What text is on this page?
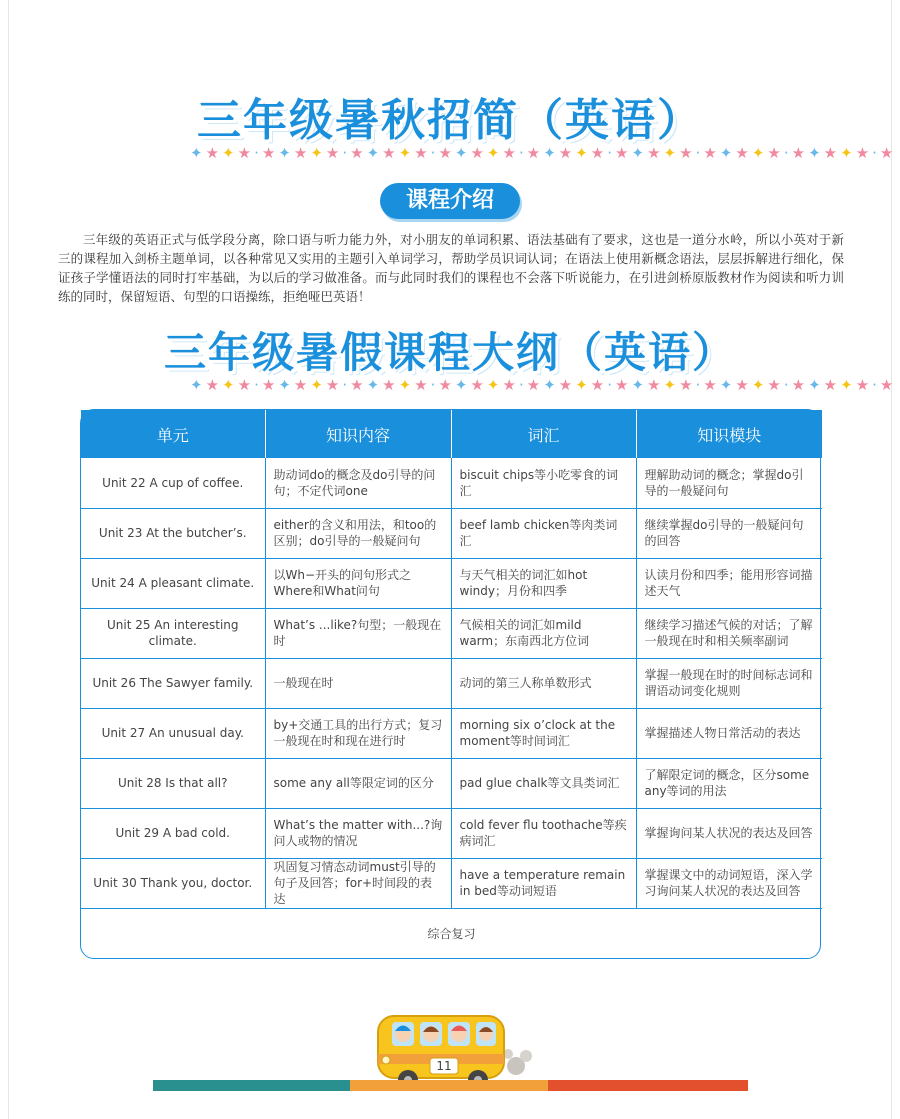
三年级暑秋招简（英语）
✦★✦★·★✦★✦★·★✦★✦★·★✦★✦★·★✦★✦★·★✦★✦★·★✦★✦★·★✦★✦★·★
课程介绍

三年级的英语正式与低学段分离，除口语与听力能力外，对小朋友的单词积累、语法基础有了要求，这也是一道分水岭，所以小英对于新三的课程加入剑桥主题单词，以各种常见又实用的主题引入单词学习，帮助学员识词认词；在语法上使用新概念语法，层层拆解进行细化，保证孩子学懂语法的同时打牢基础，为以后的学习做准备。而与此同时我们的课程也不会落下听说能力，在引进剑桥原版教材作为阅读和听力训练的同时，保留短语、句型的口语操练，拒绝哑巴英语！

三年级暑假课程大纲（英语）
✦★✦★·★✦★✦★·★✦★✦★·★✦★✦★·★✦★✦★·★✦★✦★·★✦★✦★·★✦★✦★·★
单元	知识内容	词汇	知识模块
Unit 22 A cup of coffee.	助动词do的概念及do引导的问句；不定代词one	biscuit chips等小吃零食的词汇	理解助动词的概念；掌握do引导的一般疑问句
Unit 23 At the butcher’s.	either的含义和用法，和too的区别；do引导的一般疑问句	beef lamb chicken等肉类词汇	继续掌握do引导的一般疑问句的回答
Unit 24 A pleasant climate.	以Wh−开头的问句形式之Where和What问句	与天气相关的词汇如hot windy；月份和四季	认读月份和四季；能用形容词描述天气
Unit 25 An interesting climate.	What’s ...like?句型；一般现在时	气候相关的词汇如mild warm；东南西北方位词	继续学习描述气候的对话；了解一般现在时和相关频率副词
Unit 26 The Sawyer family.	一般现在时	动词的第三人称单数形式	掌握一般现在时的时间标志词和谓语动词变化规则
Unit 27 An unusual day.	by+交通工具的出行方式；复习一般现在时和现在进行时	morning six o’clock at the moment等时间词汇	掌握描述人物日常活动的表达
Unit 28 Is that all?	some any all等限定词的区分	pad glue chalk等文具类词汇	了解限定词的概念，区分some any等词的用法
Unit 29 A bad cold.	What’s the matter with...?询问人或物的情况	cold fever flu toothache等疾病词汇	掌握询问某人状况的表达及回答
Unit 30 Thank you, doctor.	巩固复习情态动词must引导的句子及回答；for+时间段的表达	have a temperature remain in bed等动词短语	掌握课文中的动词短语，深入学习询问某人状况的表达及回答
综合复习			
11
